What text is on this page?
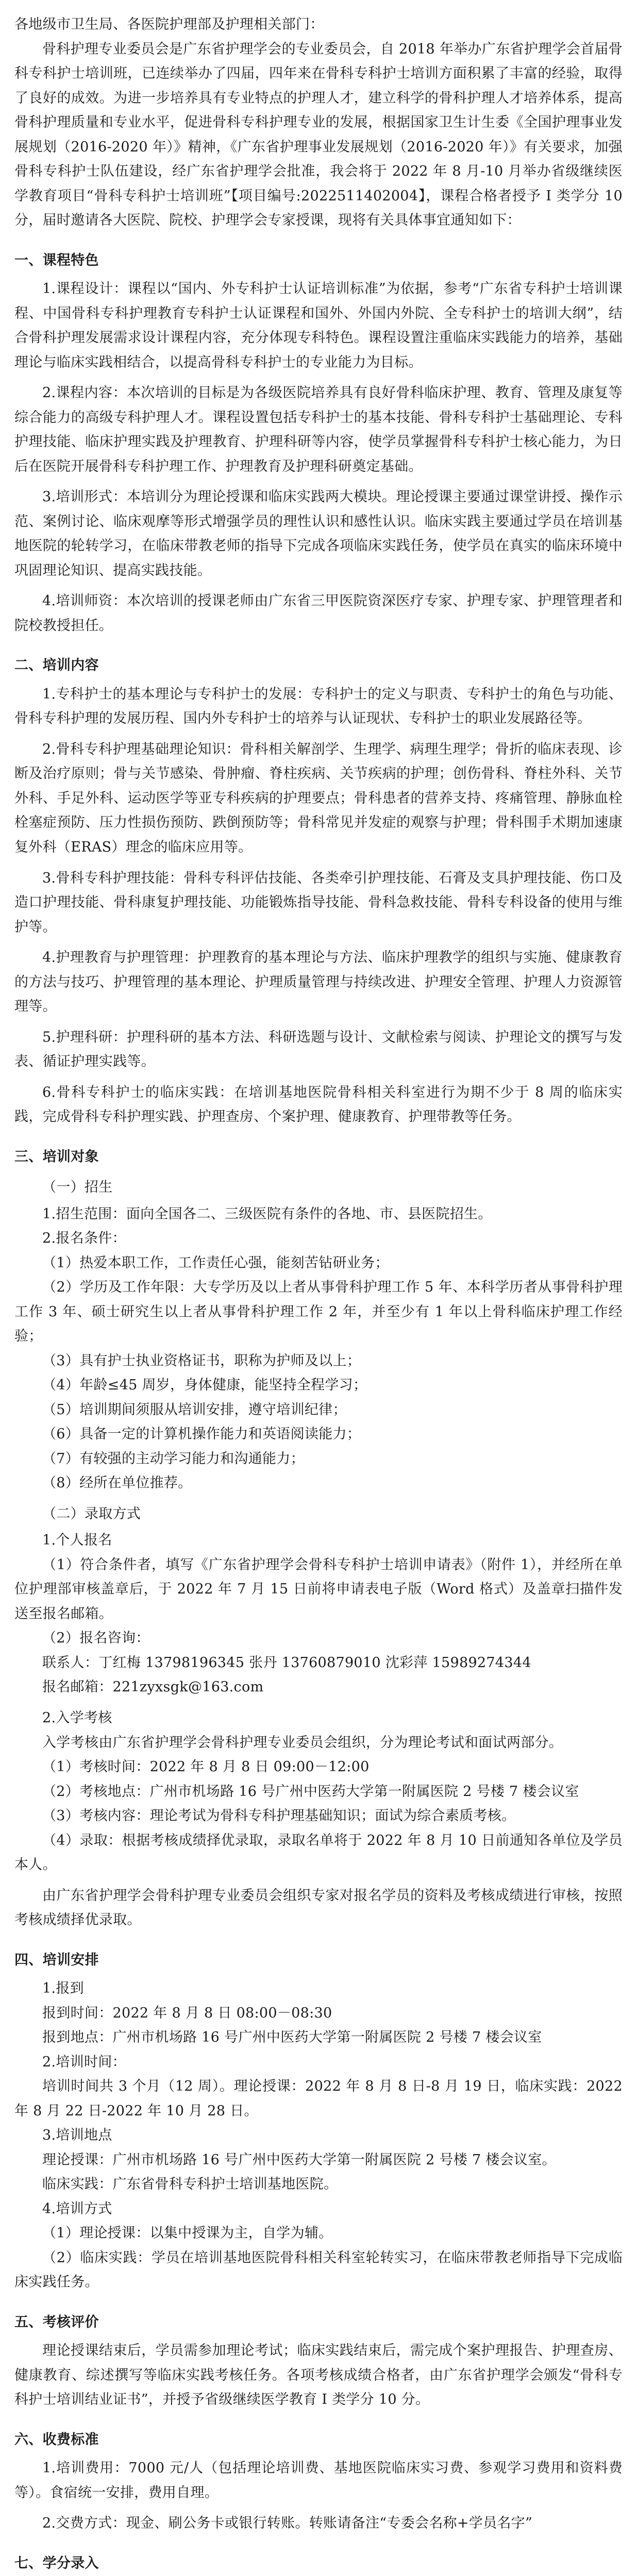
各地级市卫生局、各医院护理部及护理相关部门：

骨科护理专业委员会是广东省护理学会的专业委员会，自 2018 年举办广东省护理学会首届骨科专科护士培训班，已连续举办了四届，四年来在骨科专科护士培训方面积累了丰富的经验，取得了良好的成效。为进一步培养具有专业特点的护理人才，建立科学的骨科护理人才培养体系，提高骨科护理质量和专业水平，促进骨科专科护理专业的发展，根据国家卫生计生委《全国护理事业发展规划（2016-2020 年）》精神，《广东省护理事业发展规划（2016-2020 年）》有关要求，加强骨科专科护士队伍建设，经广东省护理学会批准，我会将于 2022 年 8 月-10 月举办省级继续医学教育项目“骨科专科护士培训班”【项目编号:2022511402004】，课程合格者授予 I 类学分 10 分，届时邀请各大医院、院校、护理学会专家授课，现将有关具体事宜通知如下：

一、课程特色

1.课程设计：课程以“国内、外专科护士认证培训标准”为依据，参考“广东省专科护士培训课程、中国骨科专科护理教育专科护士认证课程和国外、外国内外院、全专科护士的培训大纲”，结合骨科护理发展需求设计课程内容，充分体现专科特色。课程设置注重临床实践能力的培养，基础理论与临床实践相结合，以提高骨科专科护士的专业能力为目标。

2.课程内容：本次培训的目标是为各级医院培养具有良好骨科临床护理、教育、管理及康复等综合能力的高级专科护理人才。课程设置包括专科护士的基本技能、骨科专科护士基础理论、专科护理技能、临床护理实践及护理教育、护理科研等内容，使学员掌握骨科专科护士核心能力，为日后在医院开展骨科专科护理工作、护理教育及护理科研奠定基础。

3.培训形式：本培训分为理论授课和临床实践两大模块。理论授课主要通过课堂讲授、操作示范、案例讨论、临床观摩等形式增强学员的理性认识和感性认识。临床实践主要通过学员在培训基地医院的轮转学习，在临床带教老师的指导下完成各项临床实践任务，使学员在真实的临床环境中巩固理论知识、提高实践技能。

4.培训师资：本次培训的授课老师由广东省三甲医院资深医疗专家、护理专家、护理管理者和院校教授担任。

二、培训内容

1.专科护士的基本理论与专科护士的发展：专科护士的定义与职责、专科护士的角色与功能、骨科专科护理的发展历程、国内外专科护士的培养与认证现状、专科护士的职业发展路径等。

2.骨科专科护理基础理论知识：骨科相关解剖学、生理学、病理生理学；骨折的临床表现、诊断及治疗原则；骨与关节感染、骨肿瘤、脊柱疾病、关节疾病的护理；创伤骨科、脊柱外科、关节外科、手足外科、运动医学等亚专科疾病的护理要点；骨科患者的营养支持、疼痛管理、静脉血栓栓塞症预防、压力性损伤预防、跌倒预防等；骨科常见并发症的观察与护理；骨科围手术期加速康复外科（ERAS）理念的临床应用等。

3.骨科专科护理技能：骨科专科评估技能、各类牵引护理技能、石膏及支具护理技能、伤口及造口护理技能、骨科康复护理技能、功能锻炼指导技能、骨科急救技能、骨科专科设备的使用与维护等。

4.护理教育与护理管理：护理教育的基本理论与方法、临床护理教学的组织与实施、健康教育的方法与技巧、护理管理的基本理论、护理质量管理与持续改进、护理安全管理、护理人力资源管理等。

5.护理科研：护理科研的基本方法、科研选题与设计、文献检索与阅读、护理论文的撰写与发表、循证护理实践等。

6.骨科专科护士的临床实践：在培训基地医院骨科相关科室进行为期不少于 8 周的临床实践，完成骨科专科护理实践、护理查房、个案护理、健康教育、护理带教等任务。

三、培训对象

（一）招生

1.招生范围：面向全国各二、三级医院有条件的各地、市、县医院招生。

2.报名条件：

（1）热爱本职工作，工作责任心强，能刻苦钻研业务；

（2）学历及工作年限：大专学历及以上者从事骨科护理工作 5 年、本科学历者从事骨科护理工作 3 年、硕士研究生以上者从事骨科护理工作 2 年，并至少有 1 年以上骨科临床护理工作经验；

（3）具有护士执业资格证书，职称为护师及以上；

（4）年龄≤45 周岁，身体健康，能坚持全程学习；

（5）培训期间须服从培训安排，遵守培训纪律；

（6）具备一定的计算机操作能力和英语阅读能力；

（7）有较强的主动学习能力和沟通能力；

（8）经所在单位推荐。

（二）录取方式

1.个人报名

（1）符合条件者，填写《广东省护理学会骨科专科护士培训申请表》（附件 1），并经所在单位护理部审核盖章后，于 2022 年 7 月 15 日前将申请表电子版（Word 格式）及盖章扫描件发送至报名邮箱。

（2）报名咨询：

联系人：丁红梅 13798196345 张丹 13760879010 沈彩萍 15989274344

报名邮箱：221zyxsgk@163.com

2.入学考核

入学考核由广东省护理学会骨科护理专业委员会组织，分为理论考试和面试两部分。

（1）考核时间：2022 年 8 月 8 日 09:00－12:00

（2）考核地点：广州市机场路 16 号广州中医药大学第一附属医院 2 号楼 7 楼会议室

（3）考核内容：理论考试为骨科专科护理基础知识；面试为综合素质考核。

（4）录取：根据考核成绩择优录取，录取名单将于 2022 年 8 月 10 日前通知各单位及学员本人。

由广东省护理学会骨科护理专业委员会组织专家对报名学员的资料及考核成绩进行审核，按照考核成绩择优录取。

四、培训安排

1.报到

报到时间：2022 年 8 月 8 日 08:00－08:30

报到地点：广州市机场路 16 号广州中医药大学第一附属医院 2 号楼 7 楼会议室

2.培训时间：

培训时间共 3 个月（12 周）。理论授课：2022 年 8 月 8 日-8 月 19 日，临床实践：2022 年 8 月 22 日-2022 年 10 月 28 日。

3.培训地点

理论授课：广州市机场路 16 号广州中医药大学第一附属医院 2 号楼 7 楼会议室。

临床实践：广东省骨科专科护士培训基地医院。

4.培训方式

（1）理论授课：以集中授课为主，自学为辅。

（2）临床实践：学员在培训基地医院骨科相关科室轮转实习，在临床带教老师指导下完成临床实践任务。

五、考核评价

理论授课结束后，学员需参加理论考试；临床实践结束后，需完成个案护理报告、护理查房、健康教育、综述撰写等临床实践考核任务。各项考核成绩合格者，由广东省护理学会颁发“骨科专科护士培训结业证书”，并授予省级继续医学教育 I 类学分 10 分。

六、收费标准

1.培训费用：7000 元/人（包括理论培训费、基地医院临床实习费、参观学习费用和资料费等）。食宿统一安排，费用自理。

2.交费方式：现金、刷公务卡或银行转账。转账请备注“专委会名称+学员名字”

七、学分录入
